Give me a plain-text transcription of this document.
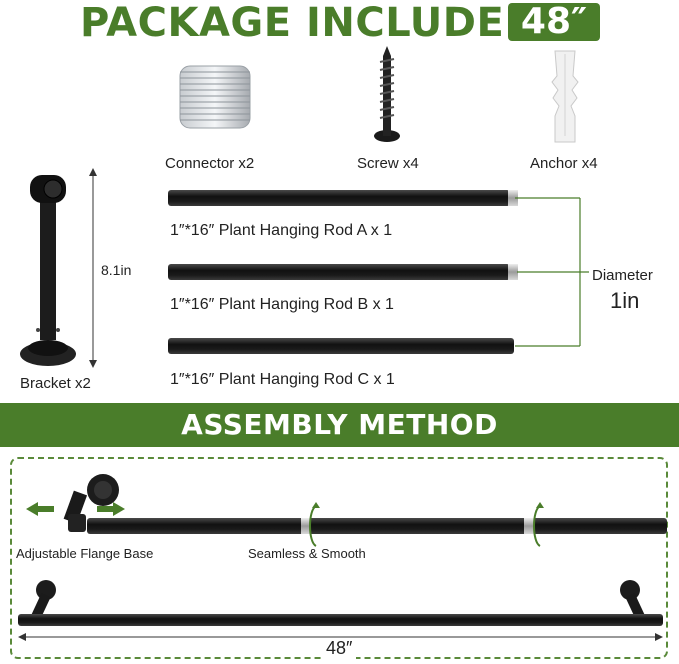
PACKAGE INCLUDE 48″
Connector x2	Screw x4	Anchor x4
Bracket x2
8.1in
1″*16″ Plant Hanging Rod A x 1
1″*16″ Plant Hanging Rod B x 1
1″*16″ Plant Hanging Rod C x 1
Diameter
1in
ASSEMBLY METHOD
Adjustable Flange Base	Seamless & Smooth
48″
